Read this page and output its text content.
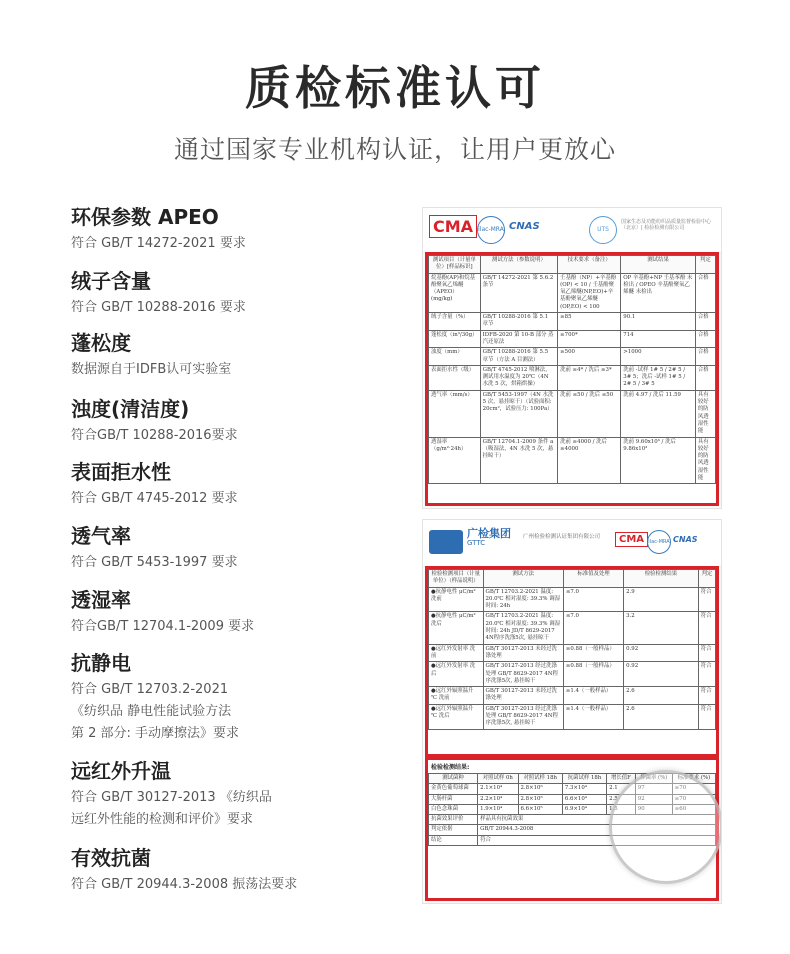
质检标准认可
通过国家专业机构认证，让用户更放心
环保参数 APEO
符合 GB/T 14272-2021 要求
绒子含量
符合 GB/T 10288-2016 要求
蓬松度
数据源自于IDFB认可实验室
浊度(清洁度)
符合GB/T 10288-2016要求
表面拒水性
符合 GB/T 4745-2012 要求
透气率
符合 GB/T 5453-1997 要求
透湿率
符合GB/T 12704.1-2009 要求
抗静电
符合 GB/T 12703.2-2021
《纺织品 静电性能试验方法
第 2 部分: 手动摩擦法》要求
远红外升温
符合 GB/T 30127-2013 《纺织品
远红外性能的检测和评价》要求
有效抗菌
符合 GB/T 20944.3-2008 振荡法要求
CMA ilac-MRA CNAS	UTS
国家生态及功能纺织品质量监督检验中心（北京）| 检验检测有限公司
测试项目（计量单位）[样品标识]	测试方法（参数说明）	技术要求（备注）	测试结果	判定
烷基酚(AP)和烷基酚聚氧乙烯醚（APEO）(mg/kg)	GB/T 14272-2021 第 5.6.2 条节	壬基酚（NP）+辛基酚(OP) < 10 / 壬基酚聚氧乙烯醚(NP,EO)+辛基酚聚氧乙烯醚(OP,EO) < 100	OP 辛基酚+NP 壬基苯酚 未检出 / OPEO 辛基酚聚氧乙烯醚 未检出	合格
绒子含量（%）	GB/T 10288-2016 第 5.1 章节	≥85	90.1	合格
蓬松度（in³/30g）	IDFB-2020 第 10-B 部分 蒸汽还原法	≥700*	714	合格
浊度（mm）	GB/T 10288-2016 第 5.5 章节（方法 A 目测法）	≥500	>1000	合格
表面拒水性（级）	GB/T 4745-2012 喷淋法，测试用水温度为 20℃（4N 水洗 5 次，烘箱烘操）	洗前 ≥4* / 洗后 ≥3*	洗前 -试样 1# 5 / 2# 5 / 3# 5；洗后 -试样 1# 5 / 2# 5 / 3# 5	合格
透气率（mm/s）	GB/T 5453-1997（4N 水洗 5 次，悬挂晾干）（试验面积: 20cm²，试验压力: 100Pa）	洗前 ≤50 / 洗后 ≤50	洗前 4.97 / 洗后 11.59	具有较好的防风透湿性能
透湿率（g/m²·24h）	GB/T 12704.1-2009 条件 a（吸湿法，4N 水洗 5 次，悬挂晾干）	洗前 ≥4000 / 洗后 ≥4000	洗前 9.60x10³ / 洗后 9.86x10³	具有较好的防风透湿性能
广检集团
GTTC
广州检验检测认证集团有限公司	CMA ilac-MRA CNAS
检验检测项目（计量单位）（样品说明）	测试方法	标准值及处理	检验检测结果	判定
●抗静电性 μC/m² 洗前	GB/T 12703.2-2021 温度: 20.0℃ 相对湿度: 39.3% 调湿时间: 24h	≤7.0	2.9	符合
●抗静电性 μC/m² 洗后	GB/T 12703.2-2021 温度: 20.0℃ 相对湿度: 39.3% 调湿时间: 24h JD/T 8629-2017 4N程序洗涤5次, 悬挂晾干	≤7.0	3.2	符合
●远红外发射率 洗前	GB/T 30127-2013 未经过洗涤处理	≥0.88（一般样品）	0.92	符合
●远红外发射率 洗后	GB/T 30127-2013 经过洗涤处理 GB/T 8629-2017 4N程序洗涤5次, 悬挂晾干	≥0.88（一般样品）	0.92	符合
●远红外辐照温升 ℃ 洗前	GB/T 30127-2013 未经过洗涤处理	≥1.4（一般样品）	2.6	符合
●远红外辐照温升 ℃ 洗后	GB/T 30127-2013 经过洗涤处理 GB/T 8629-2017 4N程序洗涤5次, 悬挂晾干	≥1.4（一般样品）	2.6	符合
检验检测结果:
测试菌种	对照试样 0h	对照试样 18h	抗菌试样 18h	增长值F	抑菌率 (%)	标准要求 (%)
金黄色葡萄球菌	2.1×10⁴	2.8×10⁶	7.3×10⁴	2.1	97	≥70
大肠杆菌	2.2×10⁴	2.8×10⁶	6.6×10⁴	2.5	92	≥70
白色念珠菌	1.9×10⁴	6.6×10⁵	6.9×10⁴	1.5	90	≥60
抗菌效果评价	样品具有抗菌效果					
判定依据	GB/T 20944.3-2008					
结论	符合					
